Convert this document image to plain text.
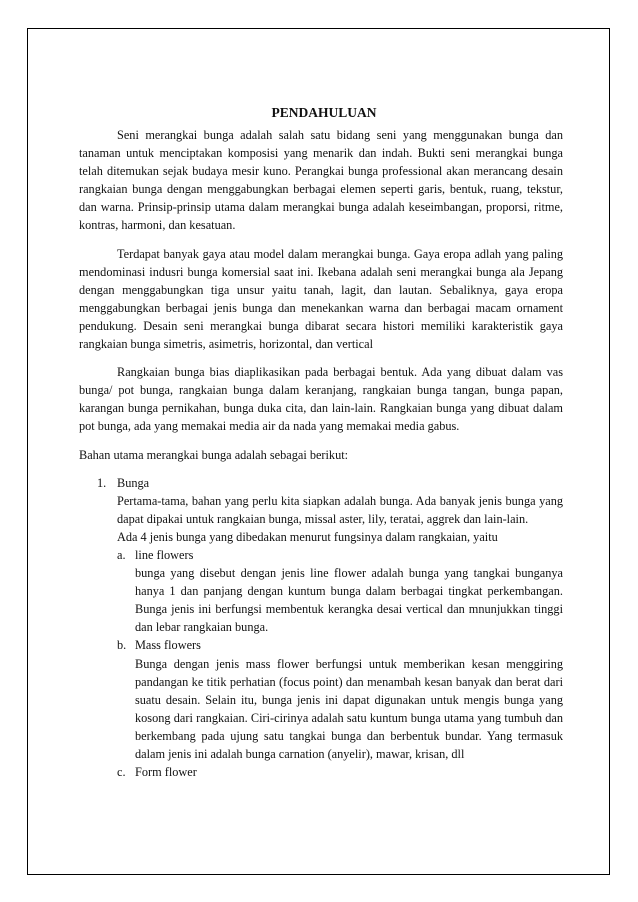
PENDAHULUAN

Seni merangkai bunga adalah salah satu bidang seni yang menggunakan bunga dan tanaman untuk menciptakan komposisi yang menarik dan indah. Bukti seni merangkai bunga telah ditemukan sejak budaya mesir kuno. Perangkai bunga professional akan merancang desain rangkaian bunga dengan menggabungkan berbagai elemen seperti garis, bentuk, ruang, tekstur, dan warna. Prinsip-prinsip utama dalam merangkai bunga adalah keseimbangan, proporsi, ritme, kontras, harmoni, dan kesatuan.

Terdapat banyak gaya atau model dalam merangkai bunga. Gaya eropa adlah yang paling mendominasi indusri bunga komersial saat ini. Ikebana adalah seni merangkai bunga ala Jepang dengan menggabungkan tiga unsur yaitu tanah, lagit, dan lautan. Sebaliknya, gaya eropa menggabungkan berbagai jenis bunga dan menekankan warna dan berbagai macam ornament pendukung. Desain seni merangkai bunga dibarat secara histori memiliki karakteristik gaya rangkaian bunga simetris, asimetris, horizontal, dan vertical

Rangkaian bunga bias diaplikasikan pada berbagai bentuk. Ada yang dibuat dalam vas bunga/ pot bunga, rangkaian bunga dalam keranjang, rangkaian bunga tangan, bunga papan, karangan bunga pernikahan, bunga duka cita, dan lain-lain. Rangkaian bunga yang dibuat dalam pot bunga, ada yang memakai media air da nada yang memakai media gabus.

Bahan utama merangkai bunga adalah sebagai berikut:

1. Bunga

Pertama-tama, bahan yang perlu kita siapkan adalah bunga. Ada banyak jenis bunga yang dapat dipakai untuk rangkaian bunga, missal aster, lily, teratai, aggrek dan lain-lain.

Ada 4 jenis bunga yang dibedakan menurut fungsinya dalam rangkaian, yaitu
a. line flowers

bunga yang disebut dengan jenis line flower adalah bunga yang tangkai bunganya hanya 1 dan panjang dengan kuntum bunga dalam berbagai tingkat perkembangan. Bunga jenis ini berfungsi membentuk kerangka desai vertical dan mnunjukkan tinggi dan lebar rangkaian bunga.

b. Mass flowers

Bunga dengan jenis mass flower berfungsi untuk memberikan kesan menggiring pandangan ke titik perhatian (focus point) dan menambah kesan banyak dan berat dari suatu desain. Selain itu, bunga jenis ini dapat digunakan untuk mengis bunga yang kosong dari rangkaian. Ciri-cirinya adalah satu kuntum bunga utama yang tumbuh dan berkembang pada ujung satu tangkai bunga dan berbentuk bundar. Yang termasuk dalam jenis ini adalah bunga carnation (anyelir), mawar, krisan, dll

c. Form flower
